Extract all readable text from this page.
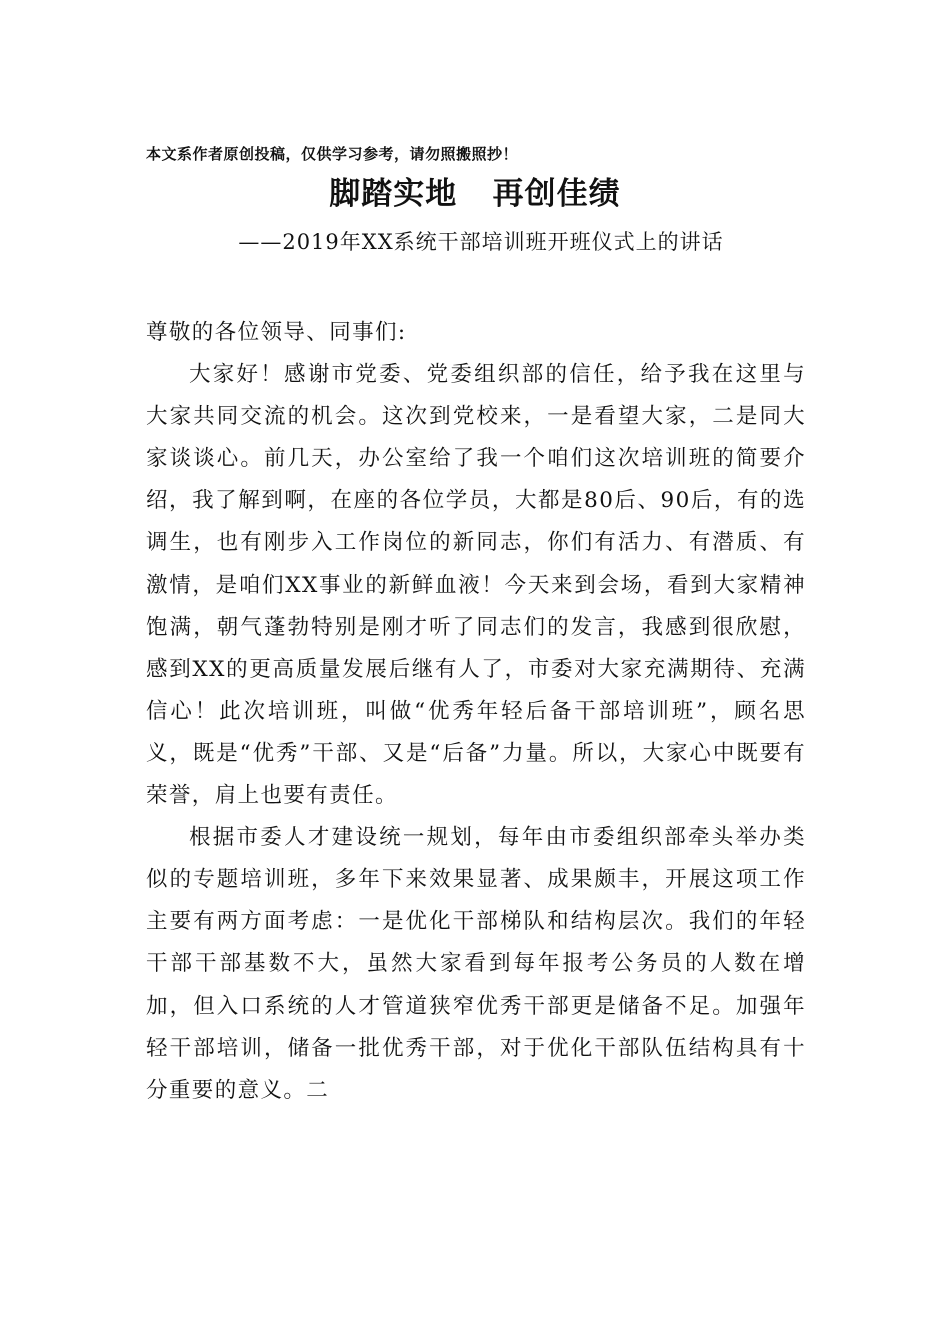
本文系作者原创投稿，仅供学习参考，请勿照搬照抄！
脚踏实地   再创佳绩
——2019年XX系统干部培训班开班仪式上的讲话

尊敬的各位领导、同事们:

大家好！感谢市党委、党委组织部的信任，给予我在这里与大家共同交流的机会。这次到党校来，一是看望大家，二是同大家谈谈心。前几天，办公室给了我一个咱们这次培训班的简要介绍，我了解到啊，在座的各位学员，大都是80后、90后，有的选调生，也有刚步入工作岗位的新同志，你们有活力、有潜质、有激情，是咱们XX事业的新鲜血液！今天来到会场，看到大家精神饱满，朝气蓬勃特别是刚才听了同志们的发言，我感到很欣慰，感到XX的更高质量发展后继有人了，市委对大家充满期待、充满信心！此次培训班，叫做“优秀年轻后备干部培训班”，顾名思义，既是“优秀”干部、又是“后备”力量。所以，大家心中既要有荣誉，肩上也要有责任。

根据市委人才建设统一规划，每年由市委组织部牵头举办类似的专题培训班，多年下来效果显著、成果颇丰，开展这项工作主要有两方面考虑：一是优化干部梯队和结构层次。我们的年轻干部干部基数不大，虽然大家看到每年报考公务员的人数在增加，但入口系统的人才管道狭窄优秀干部更是储备不足。加强年轻干部培训，储备一批优秀干部，对于优化干部队伍结构具有十分重要的意义。二
